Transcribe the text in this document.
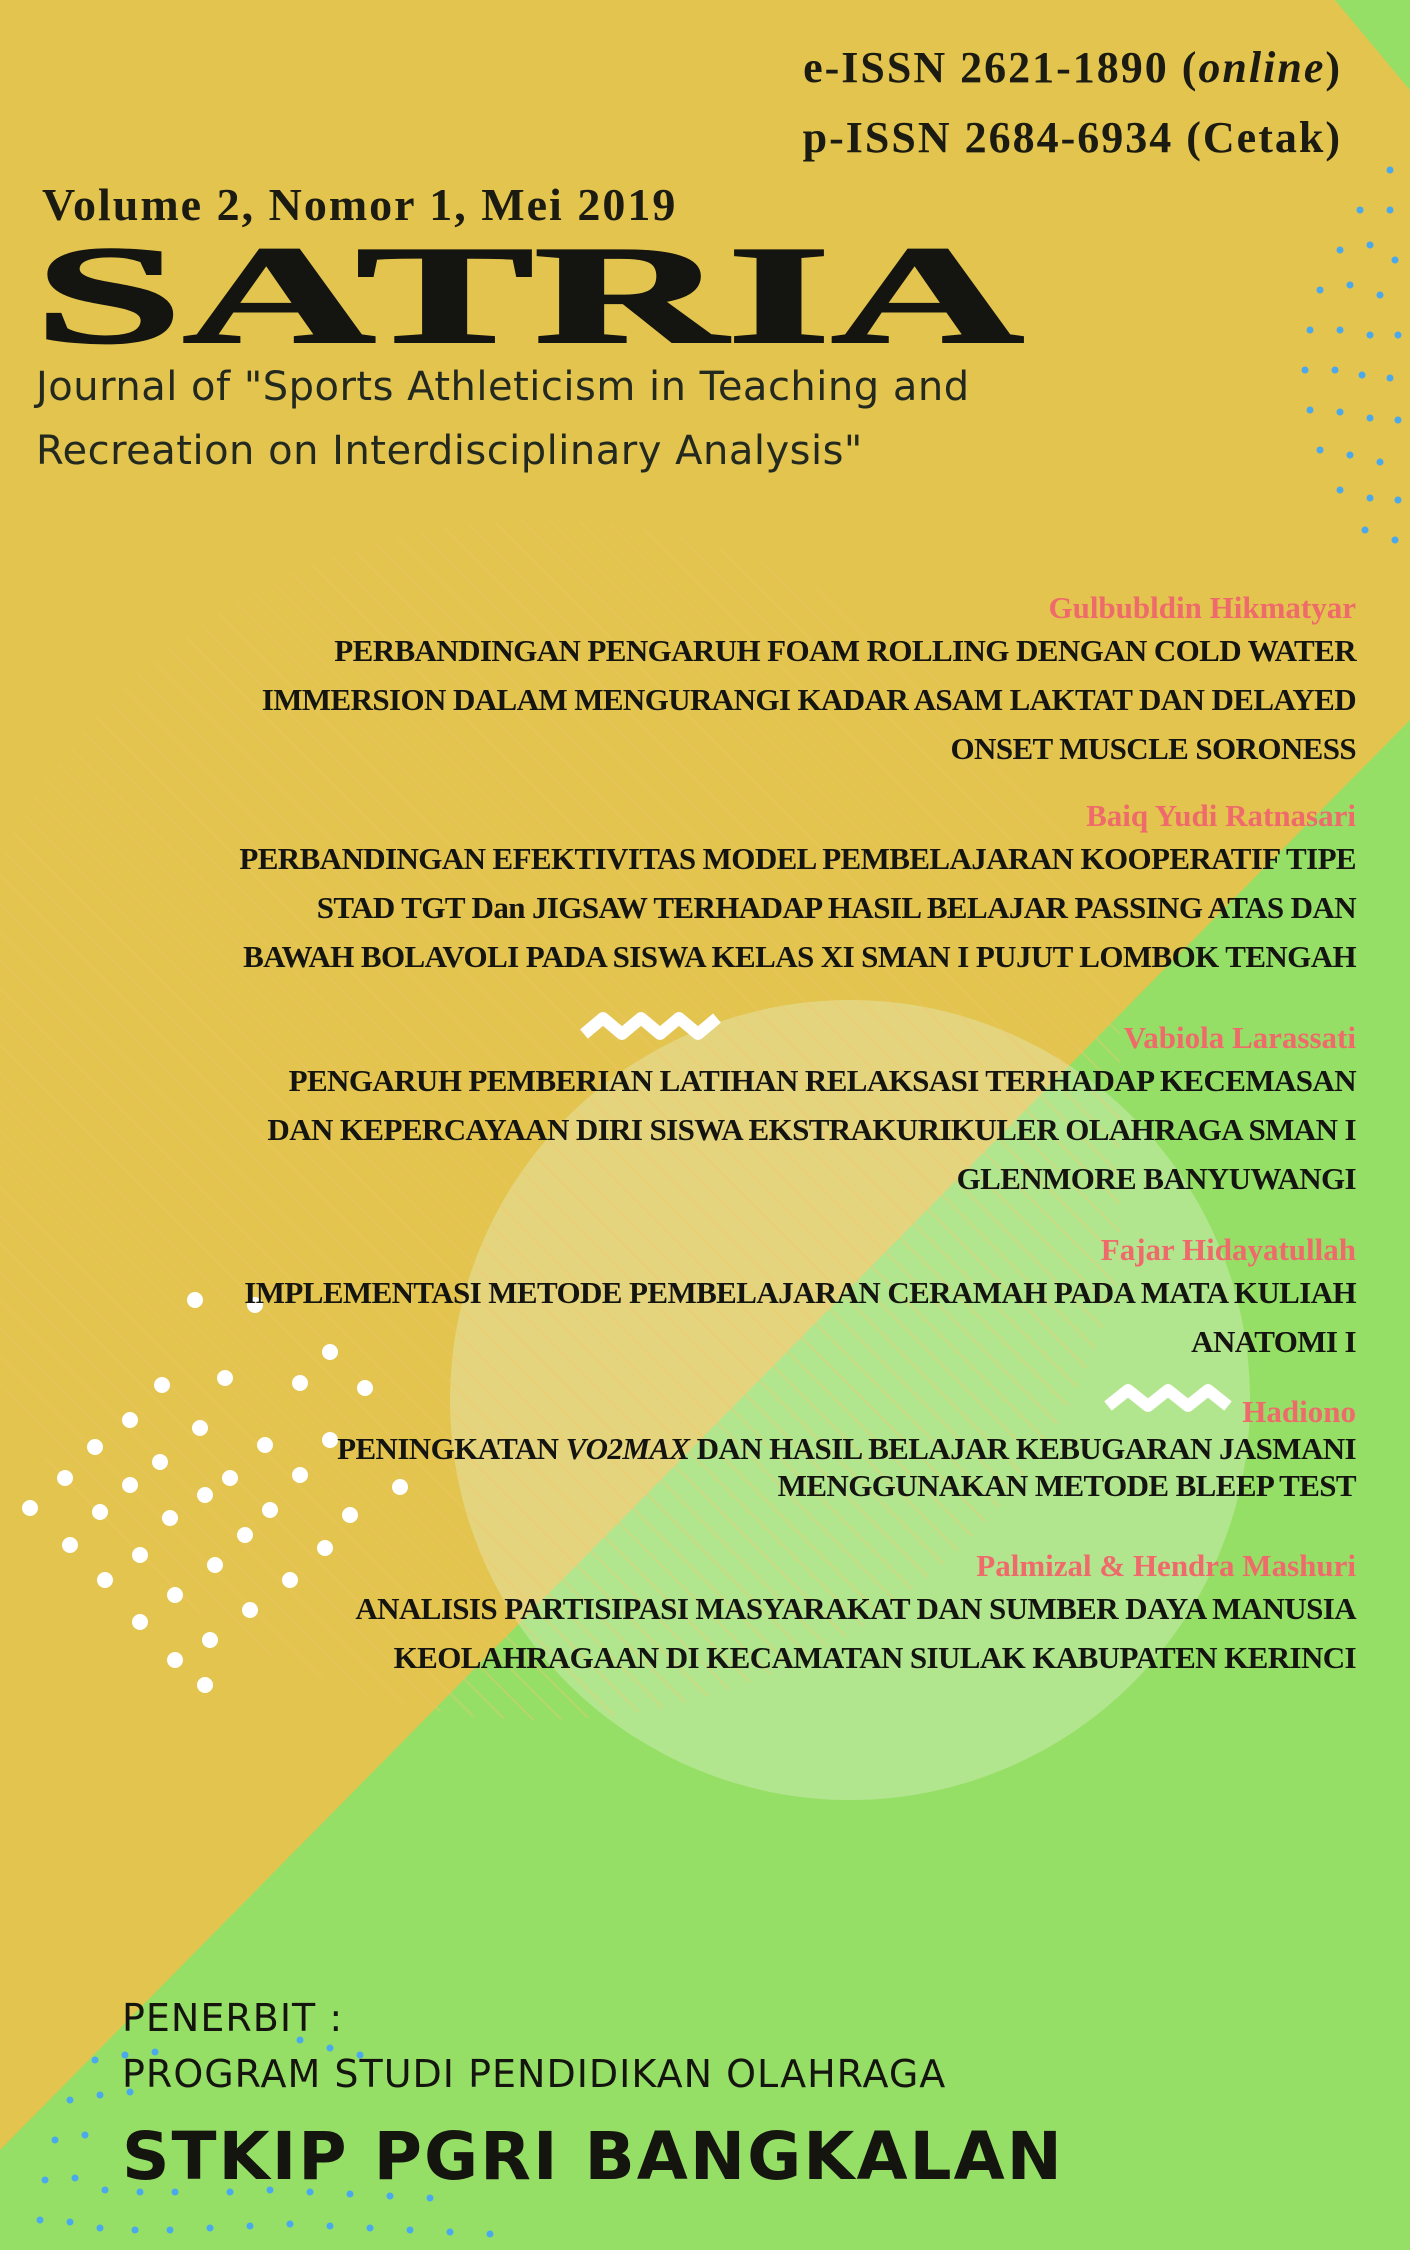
e-ISSN 2621-1890 (online)
p-ISSN 2684-6934 (Cetak)
Volume 2, Nomor 1, Mei 2019
SATRIA
Journal of "Sports Athleticism in Teaching and
Recreation on Interdisciplinary Analysis"
Gulbubldin Hikmatyar
PERBANDINGAN PENGARUH FOAM ROLLING DENGAN COLD WATER
IMMERSION DALAM MENGURANGI KADAR ASAM LAKTAT DAN DELAYED
ONSET MUSCLE SORONESS
Baiq Yudi Ratnasari
PERBANDINGAN EFEKTIVITAS MODEL PEMBELAJARAN KOOPERATIF TIPE
STAD TGT Dan JIGSAW TERHADAP HASIL BELAJAR PASSING ATAS DAN
BAWAH BOLAVOLI PADA SISWA KELAS XI SMAN I PUJUT LOMBOK TENGAH
Vabiola Larassati
PENGARUH PEMBERIAN LATIHAN RELAKSASI TERHADAP KECEMASAN
DAN KEPERCAYAAN DIRI SISWA EKSTRAKURIKULER OLAHRAGA SMAN I
GLENMORE BANYUWANGI
Fajar Hidayatullah
IMPLEMENTASI METODE PEMBELAJARAN CERAMAH PADA MATA KULIAH
ANATOMI I
Hadiono
PENINGKATAN VO2MAX DAN HASIL BELAJAR KEBUGARAN JASMANI
MENGGUNAKAN METODE BLEEP TEST
Palmizal & Hendra Mashuri
ANALISIS PARTISIPASI MASYARAKAT DAN SUMBER DAYA MANUSIA
KEOLAHRAGAAN DI KECAMATAN SIULAK KABUPATEN KERINCI
PENERBIT :
PROGRAM STUDI PENDIDIKAN OLAHRAGA
STKIP PGRI BANGKALAN
